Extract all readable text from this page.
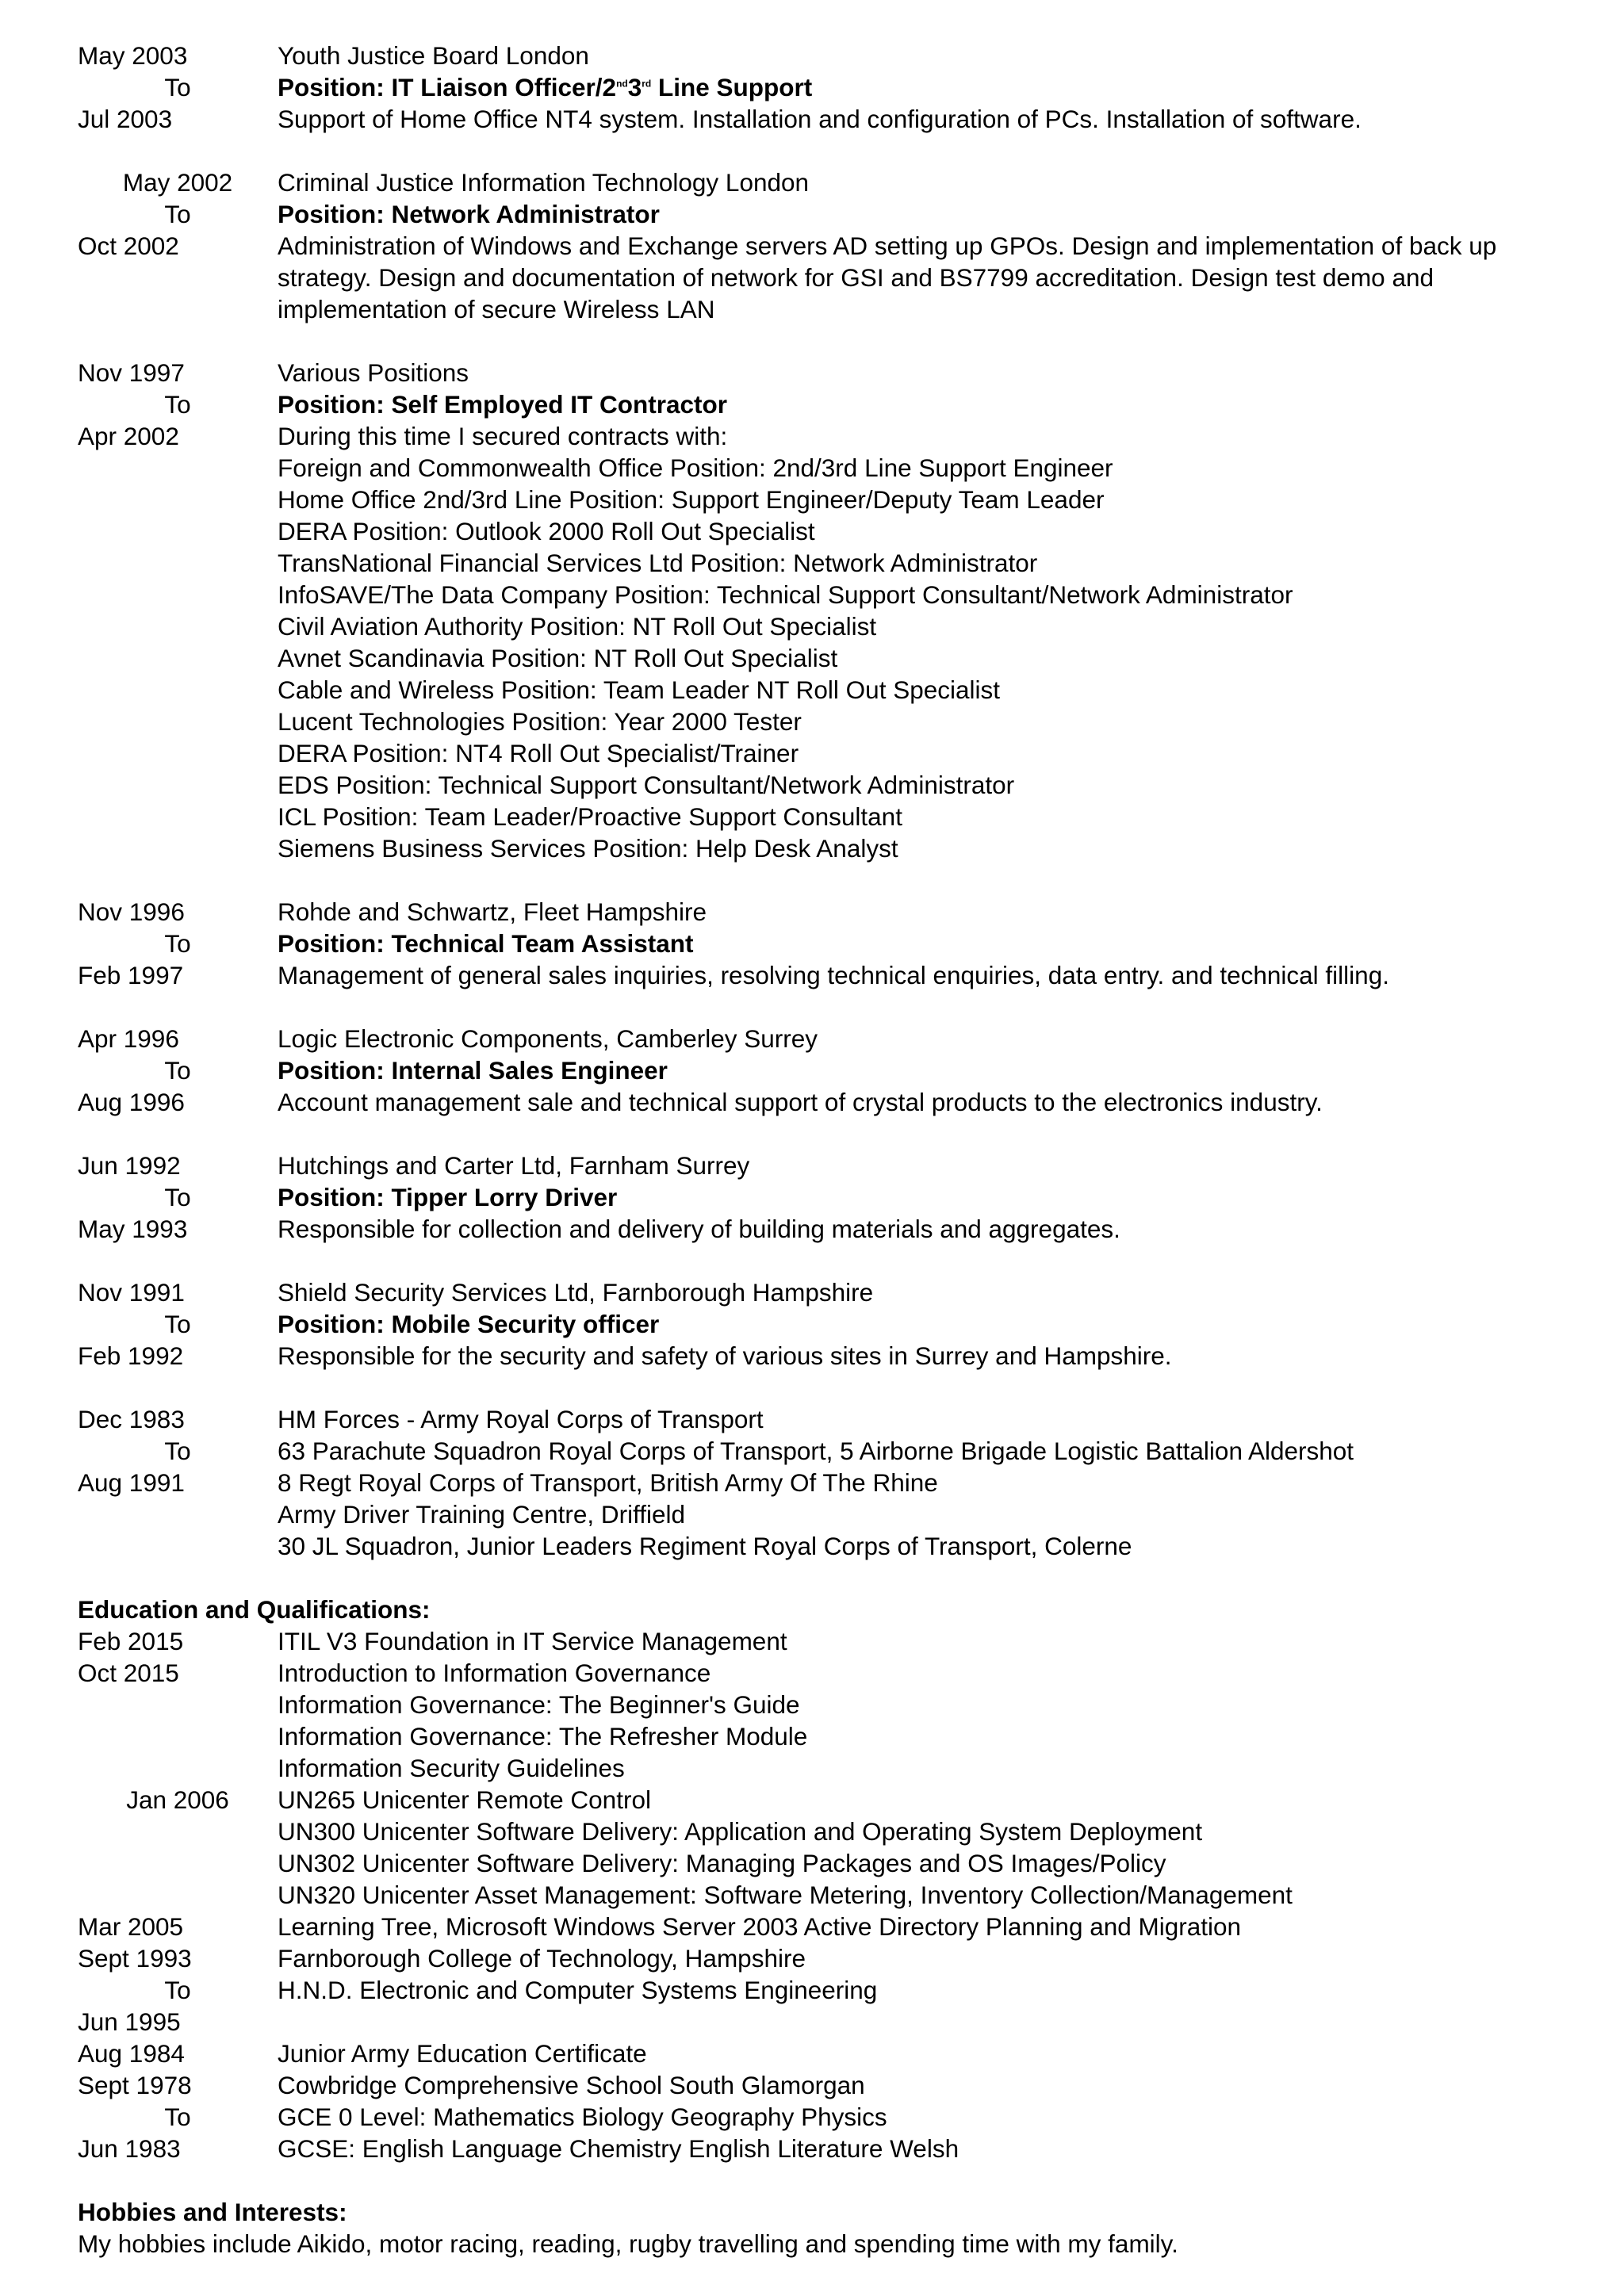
May 2003	Youth Justice Board London
To	Position: IT Liaison Officer/2nd3rd Line Support
Jul 2003	Support of Home Office NT4 system. Installation and configuration of PCs. Installation of software.
May 2002	Criminal Justice Information Technology London
To	Position: Network Administrator
Oct 2002	Administration of Windows and Exchange servers AD setting up GPOs. Design and implementation of back up strategy. Design and documentation of network for GSI and BS7799 accreditation. Design test demo and implementation of secure Wireless LAN
Nov 1997	Various Positions
To	Position: Self Employed IT Contractor
Apr 2002	During this time I secured contracts with:
Foreign and Commonwealth Office Position: 2nd/3rd Line Support Engineer
Home Office 2nd/3rd Line Position: Support Engineer/Deputy Team Leader
DERA Position: Outlook 2000 Roll Out Specialist
TransNational Financial Services Ltd Position: Network Administrator
InfoSAVE/The Data Company Position: Technical Support Consultant/Network Administrator
Civil Aviation Authority Position: NT Roll Out Specialist
Avnet Scandinavia Position: NT Roll Out Specialist
Cable and Wireless Position: Team Leader NT Roll Out Specialist
Lucent Technologies Position: Year 2000 Tester
DERA Position: NT4 Roll Out Specialist/Trainer
EDS Position: Technical Support Consultant/Network Administrator
ICL Position: Team Leader/Proactive Support Consultant
Siemens Business Services Position: Help Desk Analyst
Nov 1996	Rohde and Schwartz, Fleet Hampshire
To	Position: Technical Team Assistant
Feb 1997	Management of general sales inquiries, resolving technical enquiries, data entry. and technical filling.
Apr 1996	Logic Electronic Components, Camberley Surrey
To	Position: Internal Sales Engineer
Aug 1996	Account management sale and technical support of crystal products to the electronics industry.
Jun 1992	Hutchings and Carter Ltd, Farnham Surrey
To	Position: Tipper Lorry Driver
May 1993	Responsible for collection and delivery of building materials and aggregates.
Nov 1991	Shield Security Services Ltd, Farnborough Hampshire
To	Position: Mobile Security officer
Feb 1992	Responsible for the security and safety of various sites in Surrey and Hampshire.
Dec 1983	HM Forces - Army Royal Corps of Transport
To	63 Parachute Squadron Royal Corps of Transport, 5 Airborne Brigade Logistic Battalion Aldershot
Aug 1991	8 Regt Royal Corps of Transport, British Army Of The Rhine
Army Driver Training Centre, Driffield
30 JL Squadron, Junior Leaders Regiment Royal Corps of Transport, Colerne
Education and Qualifications:
Feb 2015	ITIL V3 Foundation in IT Service Management
Oct 2015	Introduction to Information Governance
Information Governance: The Beginner's Guide
Information Governance: The Refresher Module
Information Security Guidelines
Jan 2006	UN265 Unicenter Remote Control
UN300 Unicenter Software Delivery: Application and Operating System Deployment
UN302 Unicenter Software Delivery: Managing Packages and OS Images/Policy
UN320 Unicenter Asset Management: Software Metering, Inventory Collection/Management
Mar 2005	Learning Tree, Microsoft Windows Server 2003 Active Directory Planning and Migration
Sept 1993	Farnborough College of Technology, Hampshire
To	H.N.D. Electronic and Computer Systems Engineering
Jun 1995
Aug 1984	Junior Army Education Certificate
Sept 1978	Cowbridge Comprehensive School South Glamorgan
To	GCE 0 Level: Mathematics Biology Geography Physics
Jun 1983	GCSE: English Language Chemistry English Literature Welsh
Hobbies and Interests:
My hobbies include Aikido, motor racing, reading, rugby travelling and spending time with my family.
